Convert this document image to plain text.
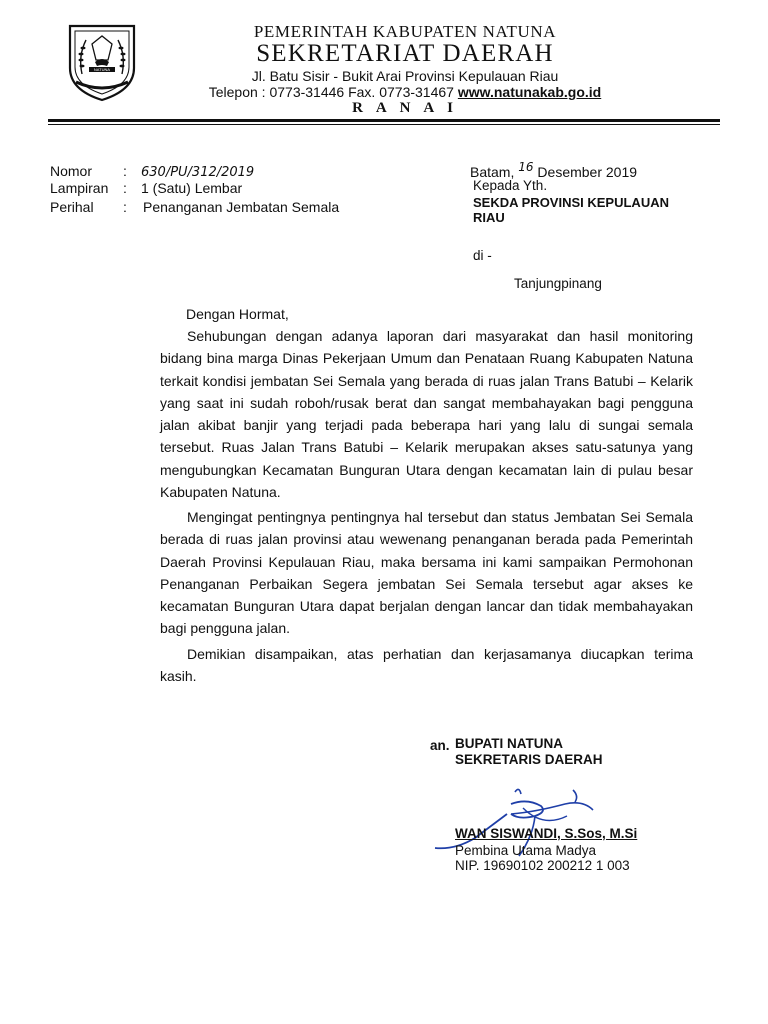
NATUNA
PEMERINTAH KABUPATEN NATUNA
SEKRETARIAT DAERAH
Jl. Batu Sisir - Bukit Arai Provinsi Kepulauan Riau
Telepon : 0773-31446 Fax. 0773-31467 www.natunakab.go.id
R A N A I
Nomor : 630/PU/312/2019
Lampiran : 1 (Satu) Lembar
Perihal : Penanganan Jembatan Semala
Batam, 16 Desember 2019
Kepada Yth.
SEKDA PROVINSI KEPULAUAN
RIAU
di -
Tanjungpinang
Dengan Hormat,
Sehubungan dengan adanya laporan dari masyarakat dan hasil monitoring bidang bina marga Dinas Pekerjaan Umum dan Penataan Ruang Kabupaten Natuna terkait kondisi jembatan Sei Semala yang berada di ruas jalan Trans Batubi – Kelarik yang saat ini sudah roboh/rusak berat dan sangat membahayakan bagi pengguna jalan akibat banjir yang terjadi pada beberapa hari yang lalu di sungai semala tersebut. Ruas Jalan Trans Batubi – Kelarik merupakan akses satu-satunya yang mengubungkan Kecamatan Bunguran Utara dengan kecamatan lain di pulau besar Kabupaten Natuna.
Mengingat pentingnya pentingnya hal tersebut dan status Jembatan Sei Semala berada di ruas jalan provinsi atau wewenang penanganan berada pada Pemerintah Daerah Provinsi Kepulauan Riau, maka bersama ini kami sampaikan Permohonan Penanganan Perbaikan Segera jembatan Sei Semala tersebut agar akses ke kecamatan Bunguran Utara dapat berjalan dengan lancar dan tidak membahayakan bagi pengguna jalan.
Demikian disampaikan, atas perhatian dan kerjasamanya diucapkan terima kasih.
an. BUPATI NATUNA
SEKRETARIS DAERAH
WAN SISWANDI, S.Sos, M.Si
Pembina Utama Madya
NIP. 19690102 200212 1 003
